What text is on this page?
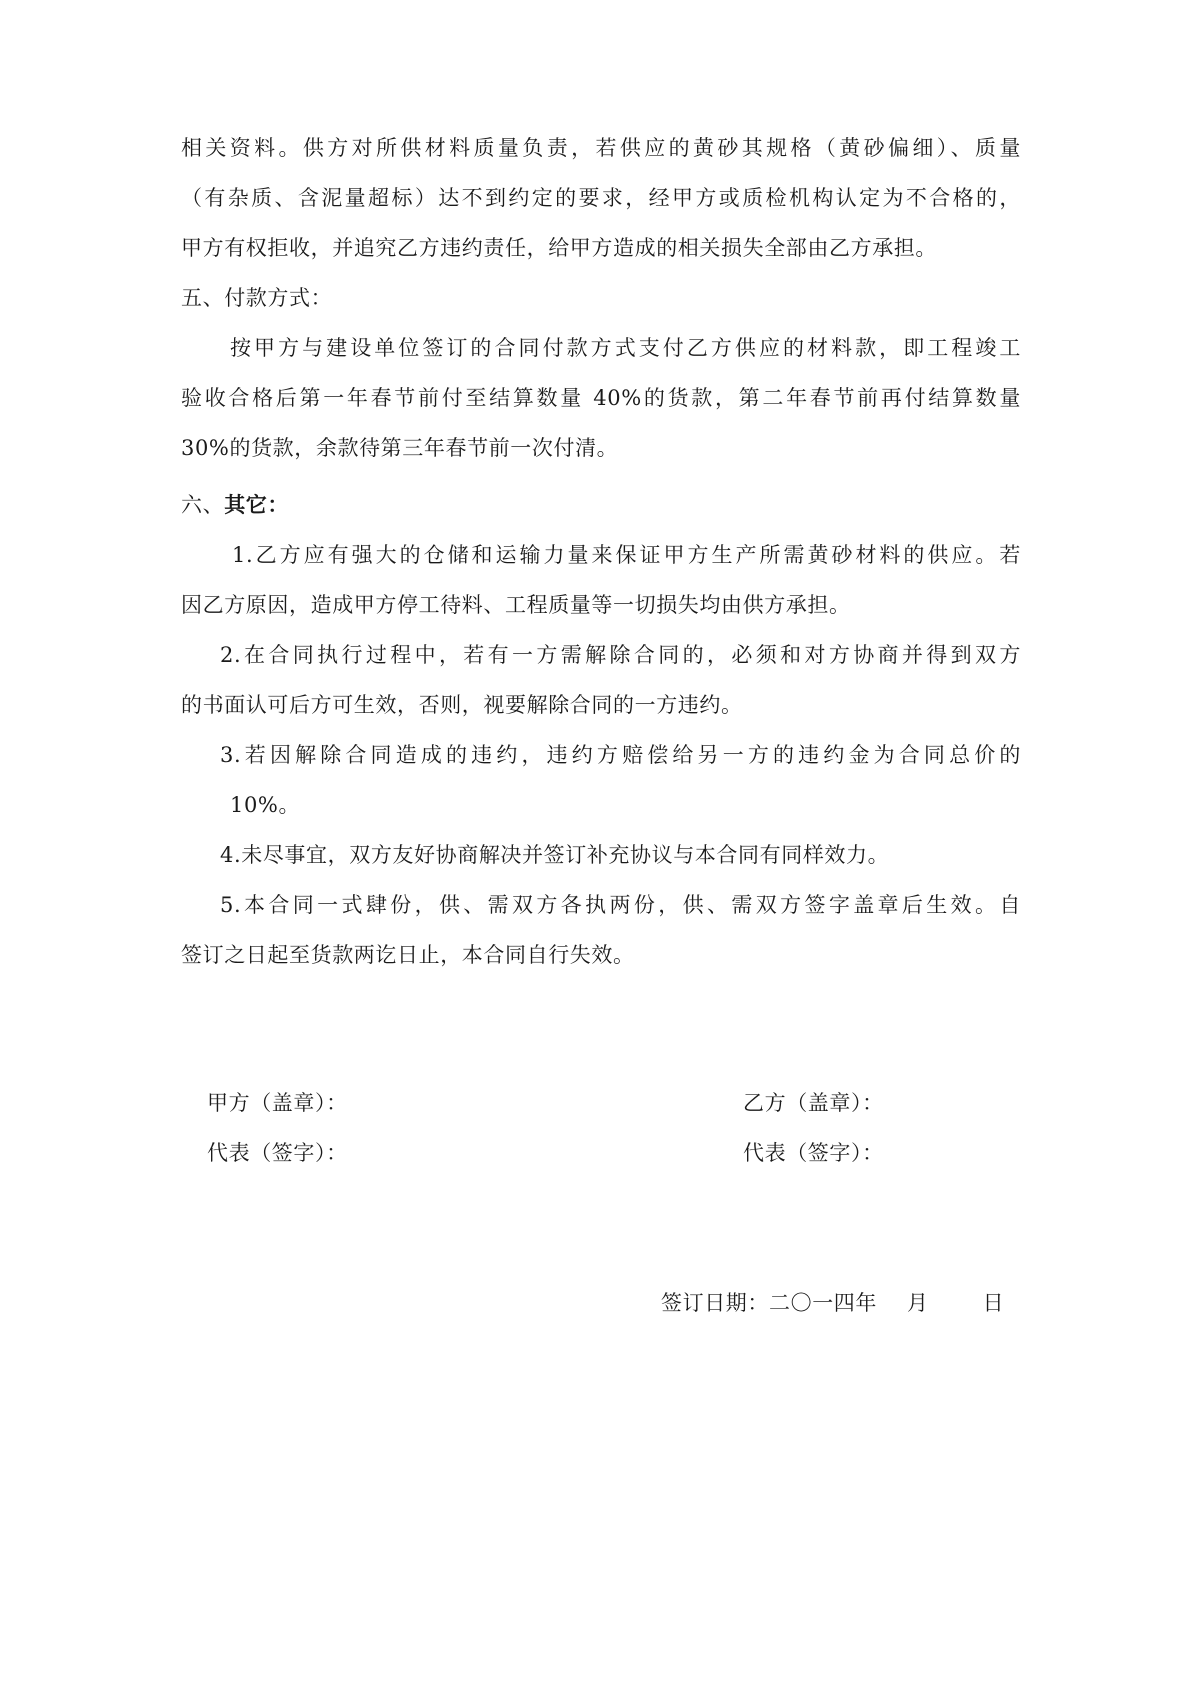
相关资料。供方对所供材料质量负责，若供应的黄砂其规格（黄砂偏细）、质量
（有杂质、含泥量超标）达不到约定的要求，经甲方或质检机构认定为不合格的，
甲方有权拒收，并追究乙方违约责任，给甲方造成的相关损失全部由乙方承担。
五、付款方式：
按甲方与建设单位签订的合同付款方式支付乙方供应的材料款，即工程竣工
验收合格后第一年春节前付至结算数量 40%的货款，第二年春节前再付结算数量
30%的货款，余款待第三年春节前一次付清。
六、其它：
1.乙方应有强大的仓储和运输力量来保证甲方生产所需黄砂材料的供应。若
因乙方原因，造成甲方停工待料、工程质量等一切损失均由供方承担。
2.在合同执行过程中，若有一方需解除合同的，必须和对方协商并得到双方
的书面认可后方可生效，否则，视要解除合同的一方违约。
3.若因解除合同造成的违约，违约方赔偿给另一方的违约金为合同总价的
10%。
4.未尽事宜，双方友好协商解决并签订补充协议与本合同有同样效力。
5.本合同一式肆份，供、需双方各执两份，供、需双方签字盖章后生效。自
签订之日起至货款两讫日止，本合同自行失效。
甲方（盖章）：	乙方（盖章）：
代表（签字）：	代表（签字）：
签订日期：二〇一四年 月	日
